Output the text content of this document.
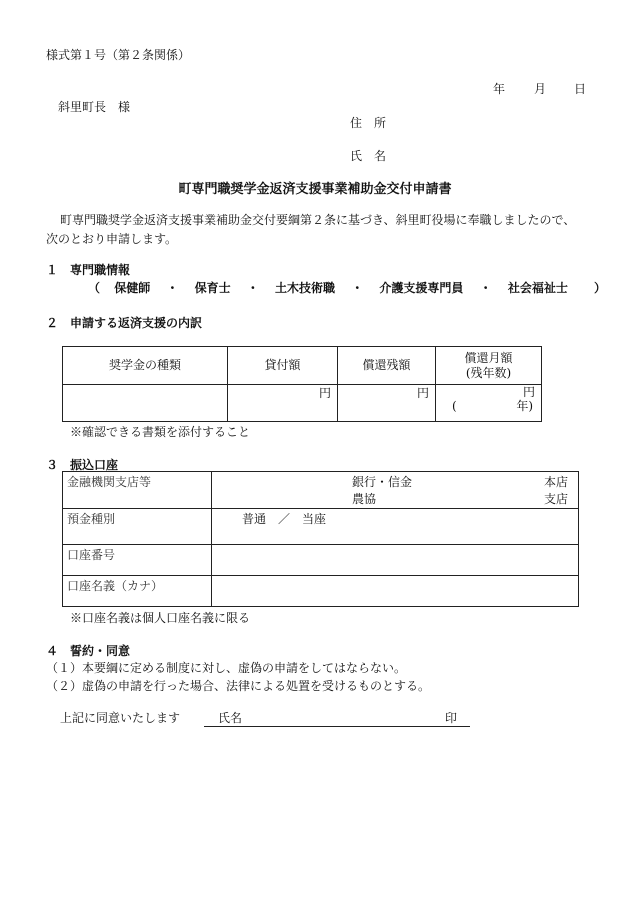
様式第１号（第２条関係）
年 月 日
斜里町長　様
住　所
氏　名
町専門職奨学金返済支援事業補助金交付申請書
町専門職奨学金返済支援事業補助金交付要綱第２条に基づき、斜里町役場に奉職しましたので、
次のとおり申請します。
１　専門職情報
（ 保健師 ・ 保育士 ・ 土木技術職 ・ 介護支援専門員 ・ 社会福祉士 ）
２　申請する返済支援の内訳
奨学金の種類	貸付額	償還残額	償還月額
(残年数)

	円	円	円
( 年)
※確認できる書類を添付すること
３　振込口座
金融機関支店等	銀行・信金
農協
本店
支店

預金種別	普通　／　当座
口座番号	
口座名義（カナ）	
※口座名義は個人口座名義に限る
４　誓約・同意
（１）本要綱に定める制度に対し、虚偽の申請をしてはならない。
（２）虚偽の申請を行った場合、法律による処置を受けるものとする。
上記に同意いたします	氏名	印
